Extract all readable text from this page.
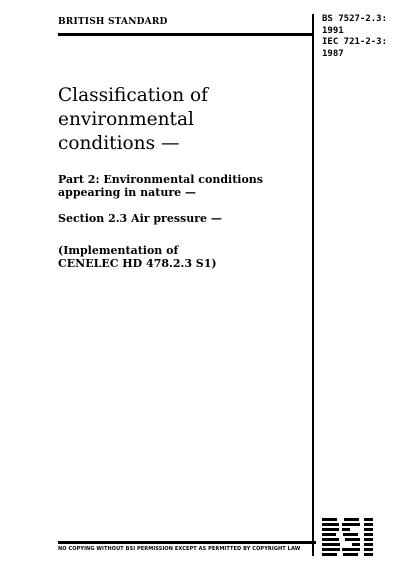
BRITISH STANDARD	BS 7527-2.3:
1991
IEC 721-2-3:
1987
Classification of
environmental
conditions —
Part 2: Environmental conditions
appearing in nature —
Section 2.3 Air pressure —
(Implementation of
CENELEC HD 478.2.3 S1)
NO COPYING WITHOUT BSI PERMISSION EXCEPT AS PERMITTED BY COPYRIGHT LAW
